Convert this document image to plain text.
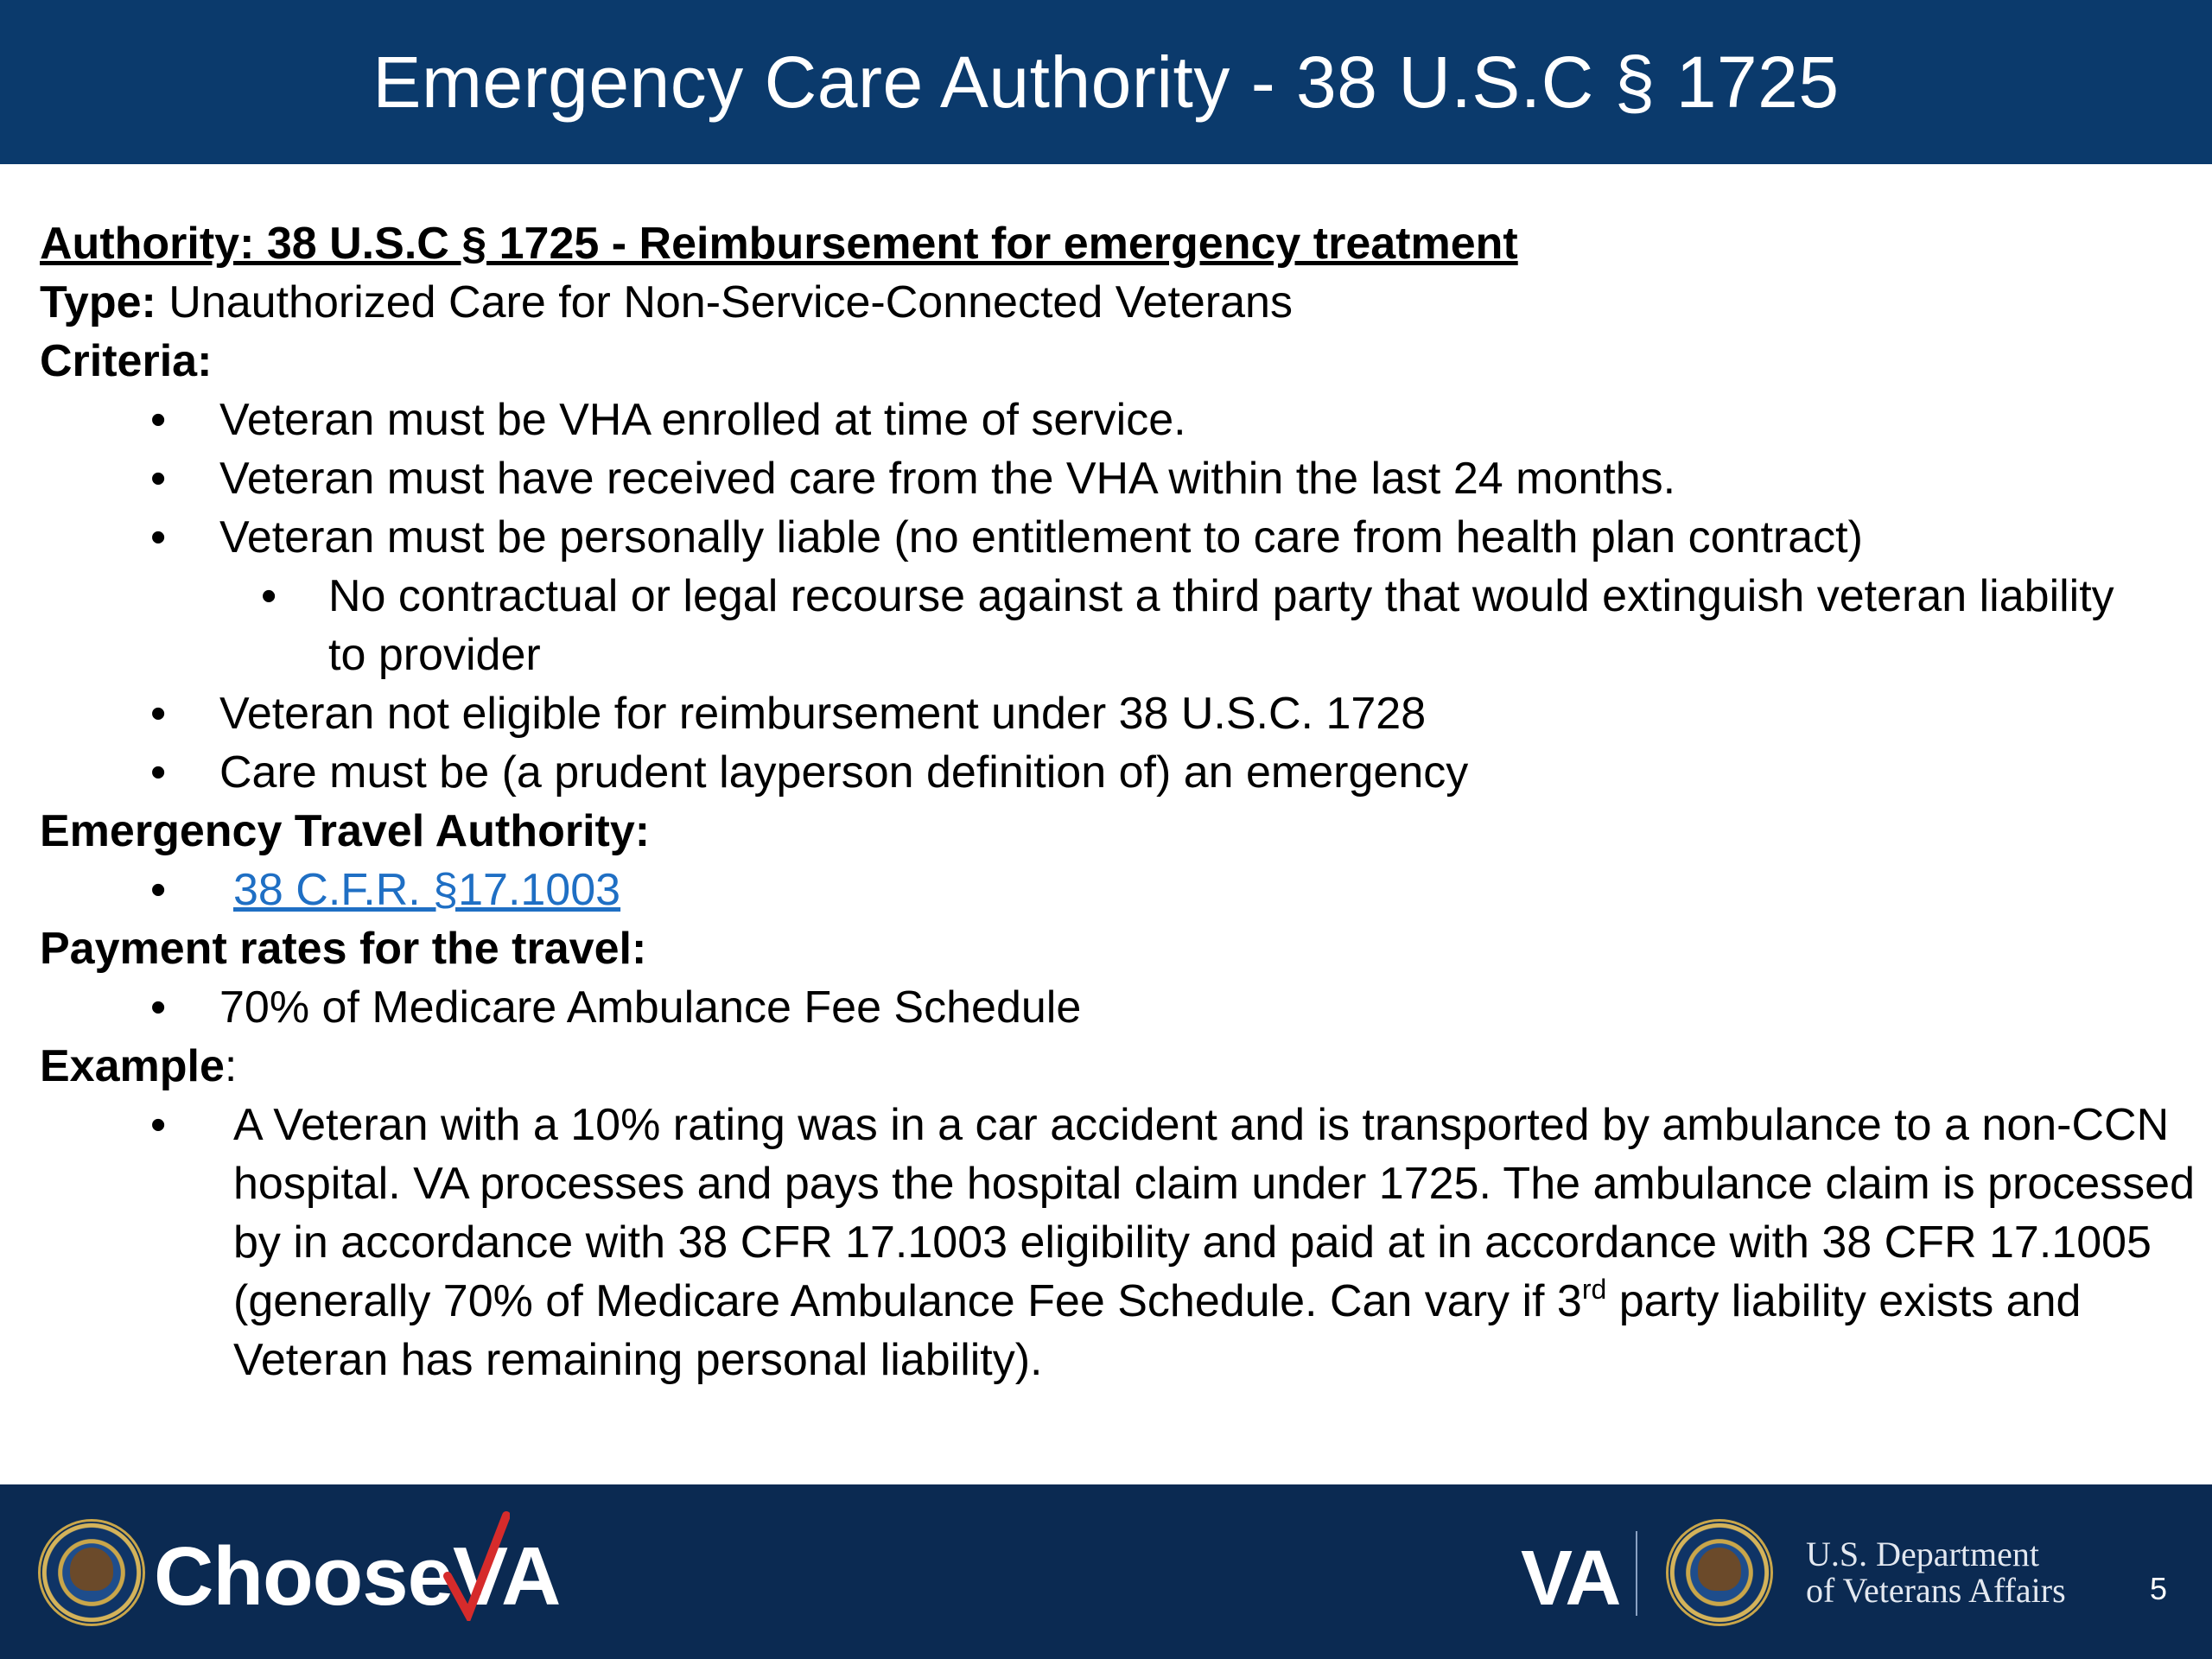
Emergency Care Authority - 38 U.S.C § 1725
Authority: 38 U.S.C § 1725 - Reimbursement for emergency treatment
Type: Unauthorized Care for Non-Service-Connected Veterans
Criteria:
• Veteran must be VHA enrolled at time of service.
• Veteran must have received care from the VHA within the last 24 months.
• Veteran must be personally liable (no entitlement to care from health plan contract)
• No contractual or legal recourse against a third party that would extinguish veteran liability to provider
• Veteran not eligible for reimbursement under 38 U.S.C. 1728
• Care must be (a prudent layperson definition of) an emergency
Emergency Travel Authority:
• 38 C.F.R. §17.1003
Payment rates for the travel:
• 70% of Medicare Ambulance Fee Schedule
Example:
• A Veteran with a 10% rating was in a car accident and is transported by ambulance to a non-CCN hospital. VA processes and pays the hospital claim under 1725. The ambulance claim is processed by in accordance with 38 CFR 17.1003 eligibility and paid at in accordance with 38 CFR 17.1005 (generally 70% of Medicare Ambulance Fee Schedule. Can vary if 3rd party liability exists and Veteran has remaining personal liability).
ChooseVA	VA	U.S. Department
of Veterans Affairs	5
